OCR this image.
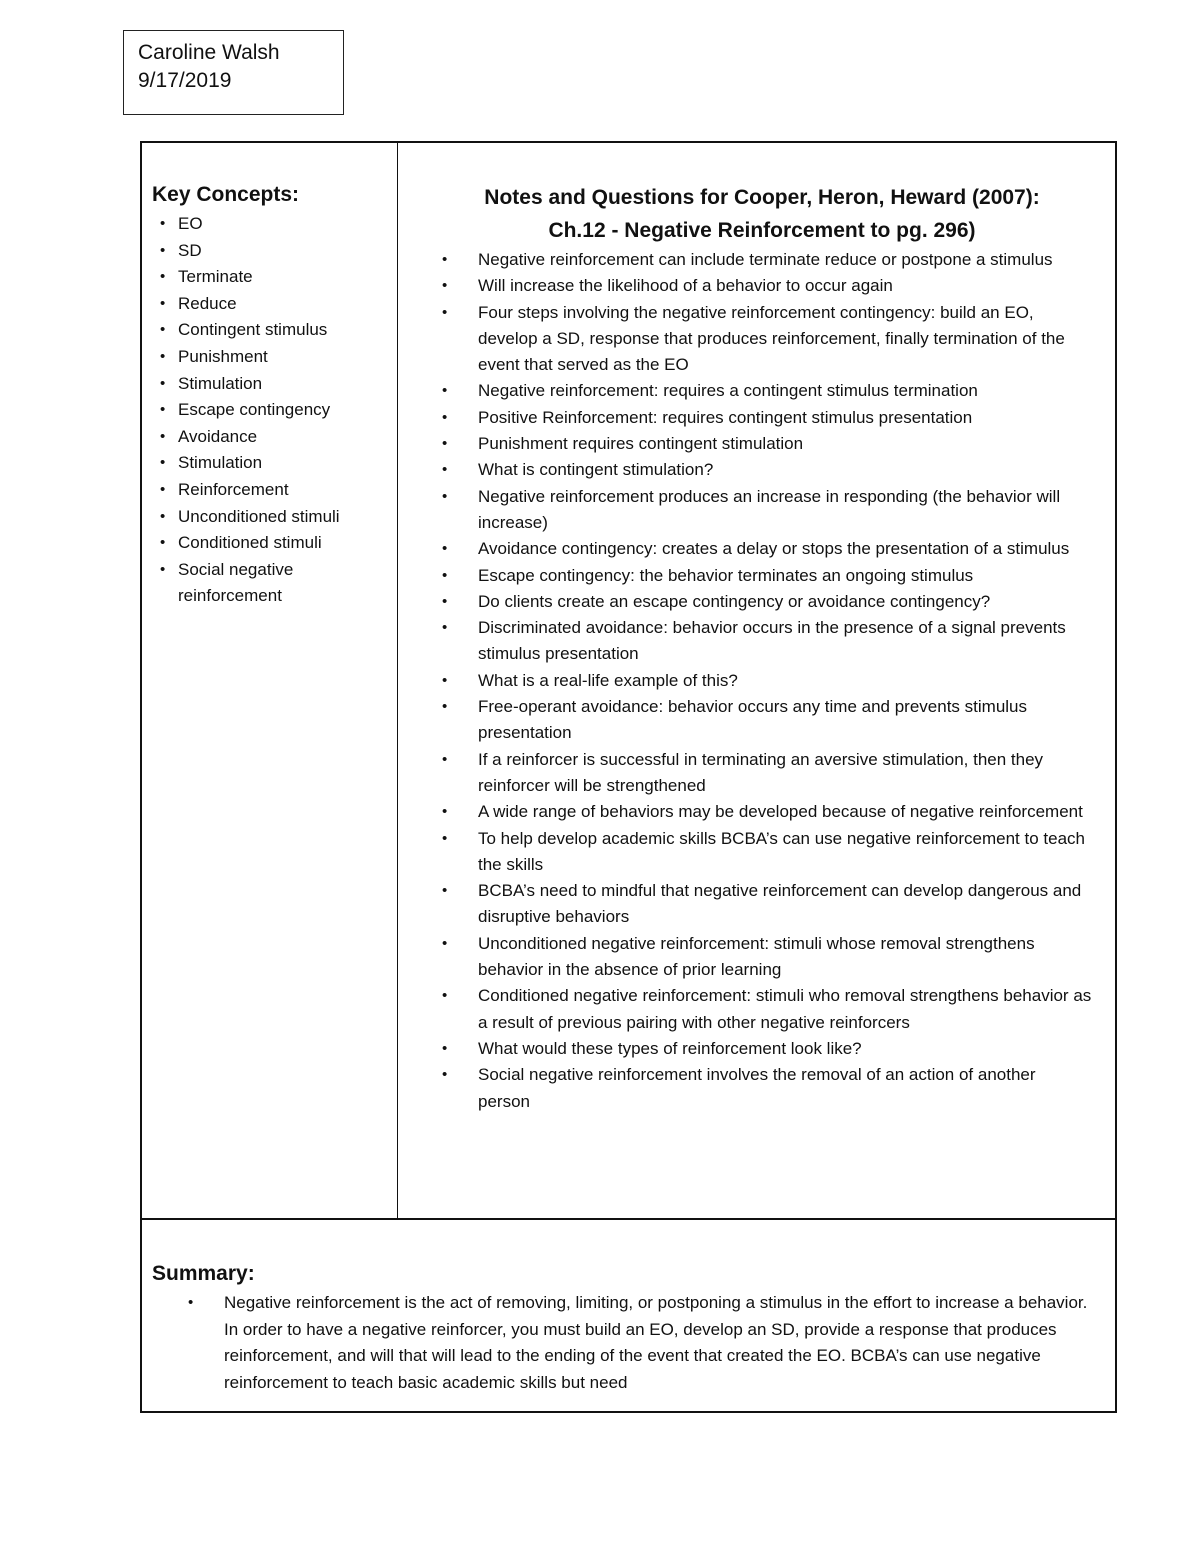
Caroline Walsh
9/17/2019
Key Concepts:
• EO
• SD
• Terminate
• Reduce
• Contingent stimulus
• Punishment
• Stimulation
• Escape contingency
• Avoidance
• Stimulation
• Reinforcement
• Unconditioned stimuli
• Conditioned stimuli
• Social negative reinforcement
Notes and Questions for Cooper, Heron, Heward (2007):
Ch.12 - Negative Reinforcement to pg. 296)
• Negative reinforcement can include terminate reduce or postpone a stimulus
• Will increase the likelihood of a behavior to occur again
• Four steps involving the negative reinforcement contingency: build an EO, develop a SD, response that produces reinforcement, finally termination of the event that served as the EO
• Negative reinforcement: requires a contingent stimulus termination
• Positive Reinforcement: requires contingent stimulus presentation
• Punishment requires contingent stimulation
• What is contingent stimulation?
• Negative reinforcement produces an increase in responding (the behavior will increase)
• Avoidance contingency: creates a delay or stops the presentation of a stimulus
• Escape contingency: the behavior terminates an ongoing stimulus
• Do clients create an escape contingency or avoidance contingency?
• Discriminated avoidance: behavior occurs in the presence of a signal prevents stimulus presentation
• What is a real-life example of this?
• Free-operant avoidance: behavior occurs any time and prevents stimulus presentation
• If a reinforcer is successful in terminating an aversive stimulation, then they reinforcer will be strengthened
• A wide range of behaviors may be developed because of negative reinforcement
• To help develop academic skills BCBA’s can use negative reinforcement to teach the skills
• BCBA’s need to mindful that negative reinforcement can develop dangerous and disruptive behaviors
• Unconditioned negative reinforcement: stimuli whose removal strengthens behavior in the absence of prior learning
• Conditioned negative reinforcement: stimuli who removal strengthens behavior as a result of previous pairing with other negative reinforcers
• What would these types of reinforcement look like?
• Social negative reinforcement involves the removal of an action of another person
Summary:
• Negative reinforcement is the act of removing, limiting, or postponing a stimulus in the effort to increase a behavior. In order to have a negative reinforcer, you must build an EO, develop an SD, provide a response that produces reinforcement, and will that will lead to the ending of the event that created the EO. BCBA’s can use negative reinforcement to teach basic academic skills but need
